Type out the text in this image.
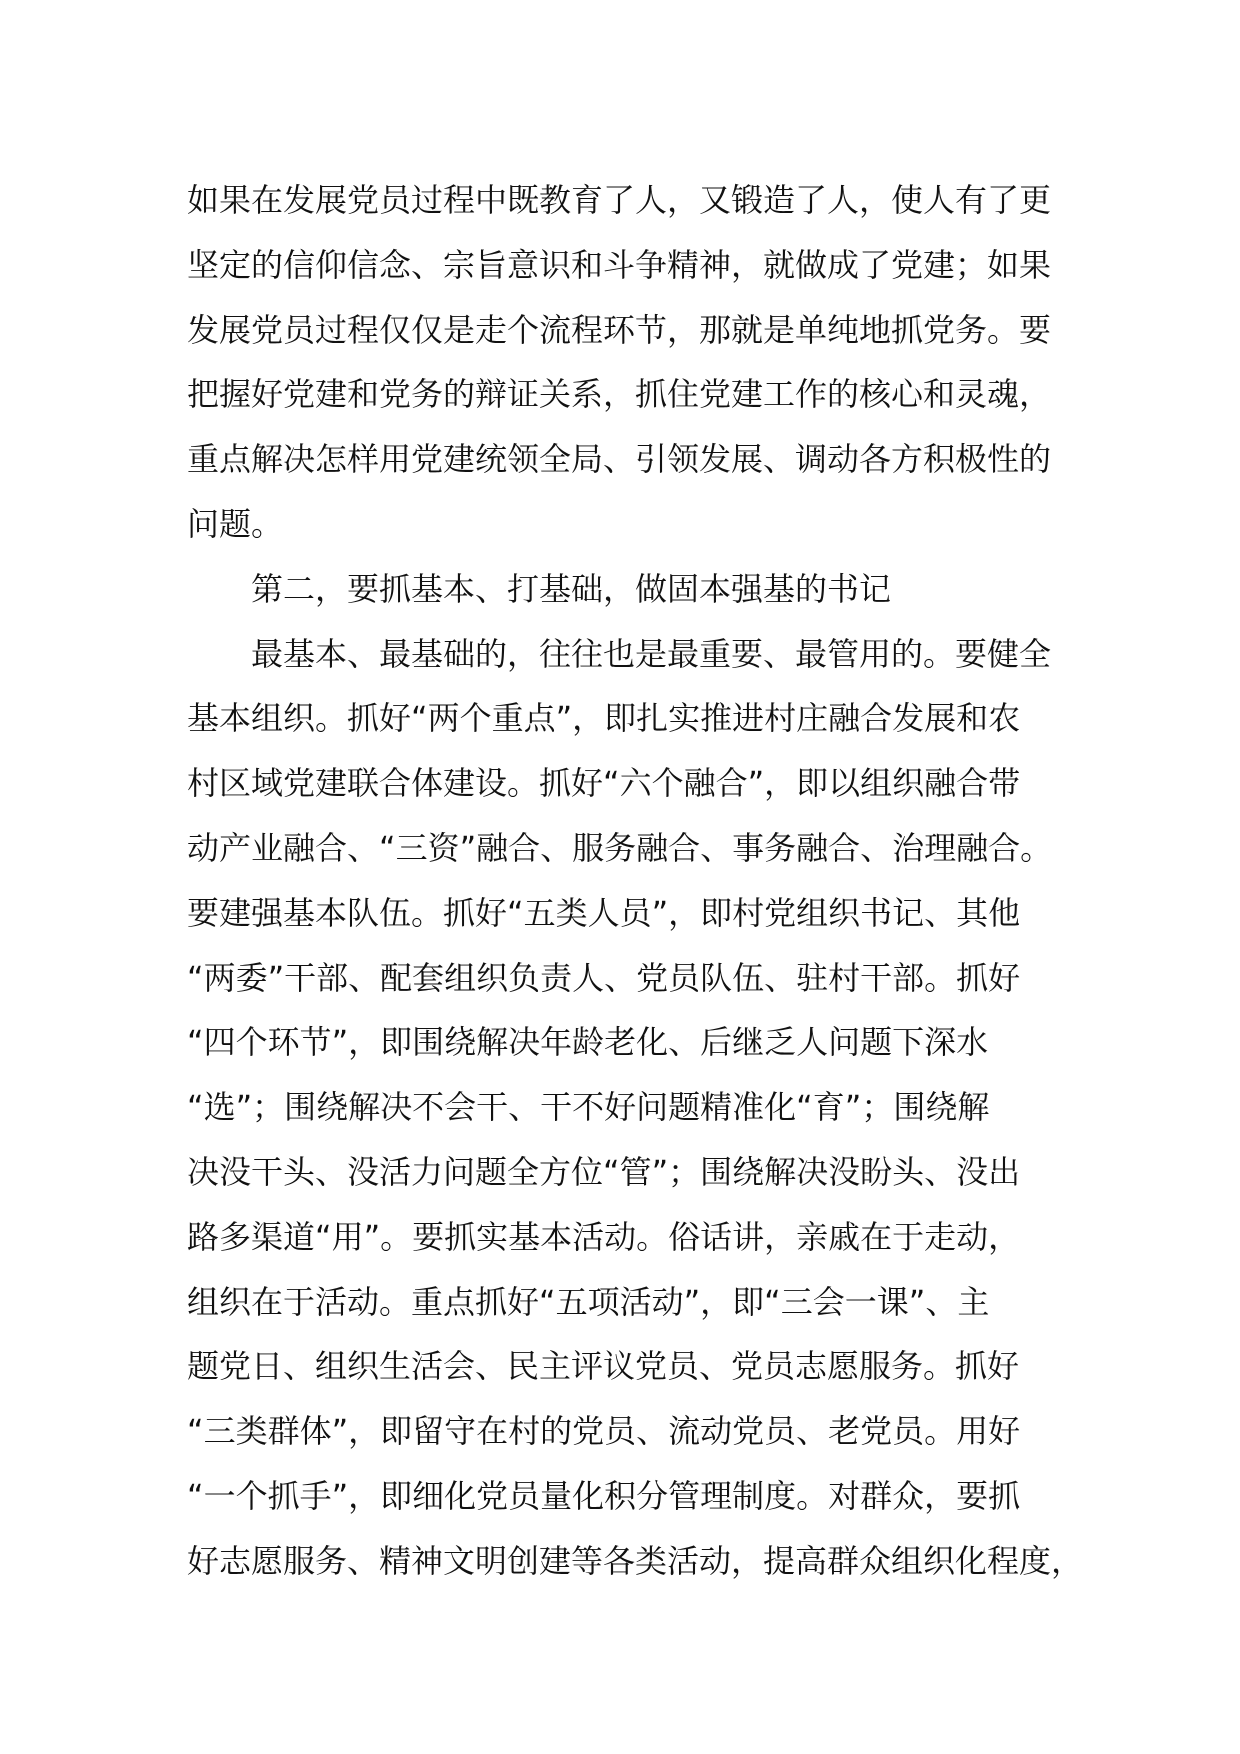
如果在发展党员过程中既教育了人，又锻造了人，使人有了更
坚定的信仰信念、宗旨意识和斗争精神，就做成了党建；如果
发展党员过程仅仅是走个流程环节，那就是单纯地抓党务。要
把握好党建和党务的辩证关系，抓住党建工作的核心和灵魂，
重点解决怎样用党建统领全局、引领发展、调动各方积极性的
问题。
第二，要抓基本、打基础，做固本强基的书记
最基本、最基础的，往往也是最重要、最管用的。要健全
基本组织。抓好“两个重点”，即扎实推进村庄融合发展和农
村区域党建联合体建设。抓好“六个融合”，即以组织融合带
动产业融合、“三资”融合、服务融合、事务融合、治理融合。
要建强基本队伍。抓好“五类人员”，即村党组织书记、其他
“两委”干部、配套组织负责人、党员队伍、驻村干部。抓好
“四个环节”，即围绕解决年龄老化、后继乏人问题下深水
“选”；围绕解决不会干、干不好问题精准化“育”；围绕解
决没干头、没活力问题全方位“管”；围绕解决没盼头、没出
路多渠道“用”。要抓实基本活动。俗话讲，亲戚在于走动，
组织在于活动。重点抓好“五项活动”，即“三会一课”、主
题党日、组织生活会、民主评议党员、党员志愿服务。抓好
“三类群体”，即留守在村的党员、流动党员、老党员。用好
“一个抓手”，即细化党员量化积分管理制度。对群众，要抓
好志愿服务、精神文明创建等各类活动，提高群众组织化程度，
